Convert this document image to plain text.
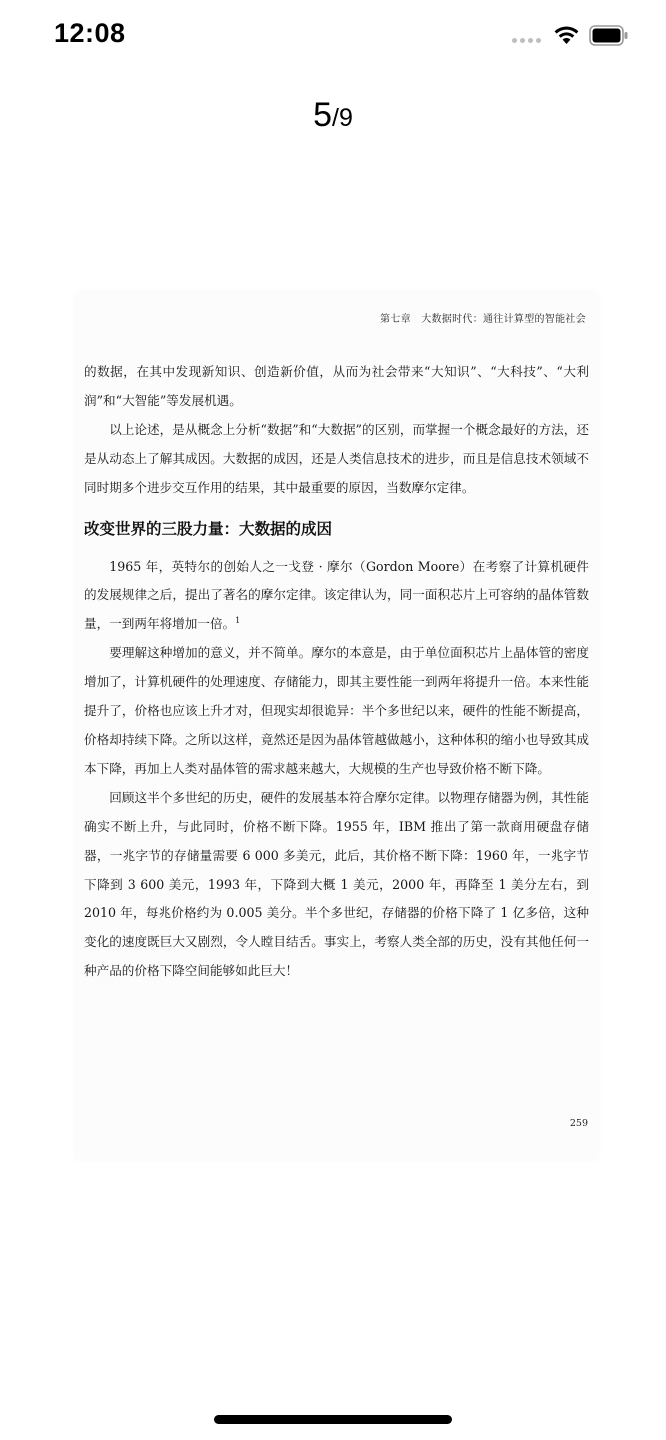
12:08
5/9
第七章　大数据时代：通往计算型的智能社会

的数据，在其中发现新知识、创造新价值，从而为社会带来“大知识”、“大科技”、“大利润”和“大智能”等发展机遇。

以上论述，是从概念上分析“数据”和“大数据”的区别，而掌握一个概念最好的方法，还是从动态上了解其成因。大数据的成因，还是人类信息技术的进步，而且是信息技术领域不同时期多个进步交互作用的结果，其中最重要的原因，当数摩尔定律。

改变世界的三股力量：大数据的成因

1965 年，英特尔的创始人之一戈登 · 摩尔（Gordon Moore）在考察了计算机硬件的发展规律之后，提出了著名的摩尔定律。该定律认为，同一面积芯片上可容纳的晶体管数量，一到两年将增加一倍。$^1$

要理解这种增加的意义，并不简单。摩尔的本意是，由于单位面积芯片上晶体管的密度增加了，计算机硬件的处理速度、存储能力，即其主要性能一到两年将提升一倍。本来性能提升了，价格也应该上升才对，但现实却很诡异：半个多世纪以来，硬件的性能不断提高，价格却持续下降。之所以这样，竟然还是因为晶体管越做越小，这种体积的缩小也导致其成本下降，再加上人类对晶体管的需求越来越大，大规模的生产也导致价格不断下降。

回顾这半个多世纪的历史，硬件的发展基本符合摩尔定律。以物理存储器为例，其性能确实不断上升，与此同时，价格不断下降。1955 年，IBM 推出了第一款商用硬盘存储器，一兆字节的存储量需要 6 000 多美元，此后，其价格不断下降：1960 年，一兆字节下降到 3 600 美元，1993 年，下降到大概 1 美元，2000 年，再降至 1 美分左右，到 2010 年，每兆价格约为 0.005 美分。半个多世纪，存储器的价格下降了 1 亿多倍，这种变化的速度既巨大又剧烈，令人瞠目结舌。事实上，考察人类全部的历史，没有其他任何一种产品的价格下降空间能够如此巨大！

259
